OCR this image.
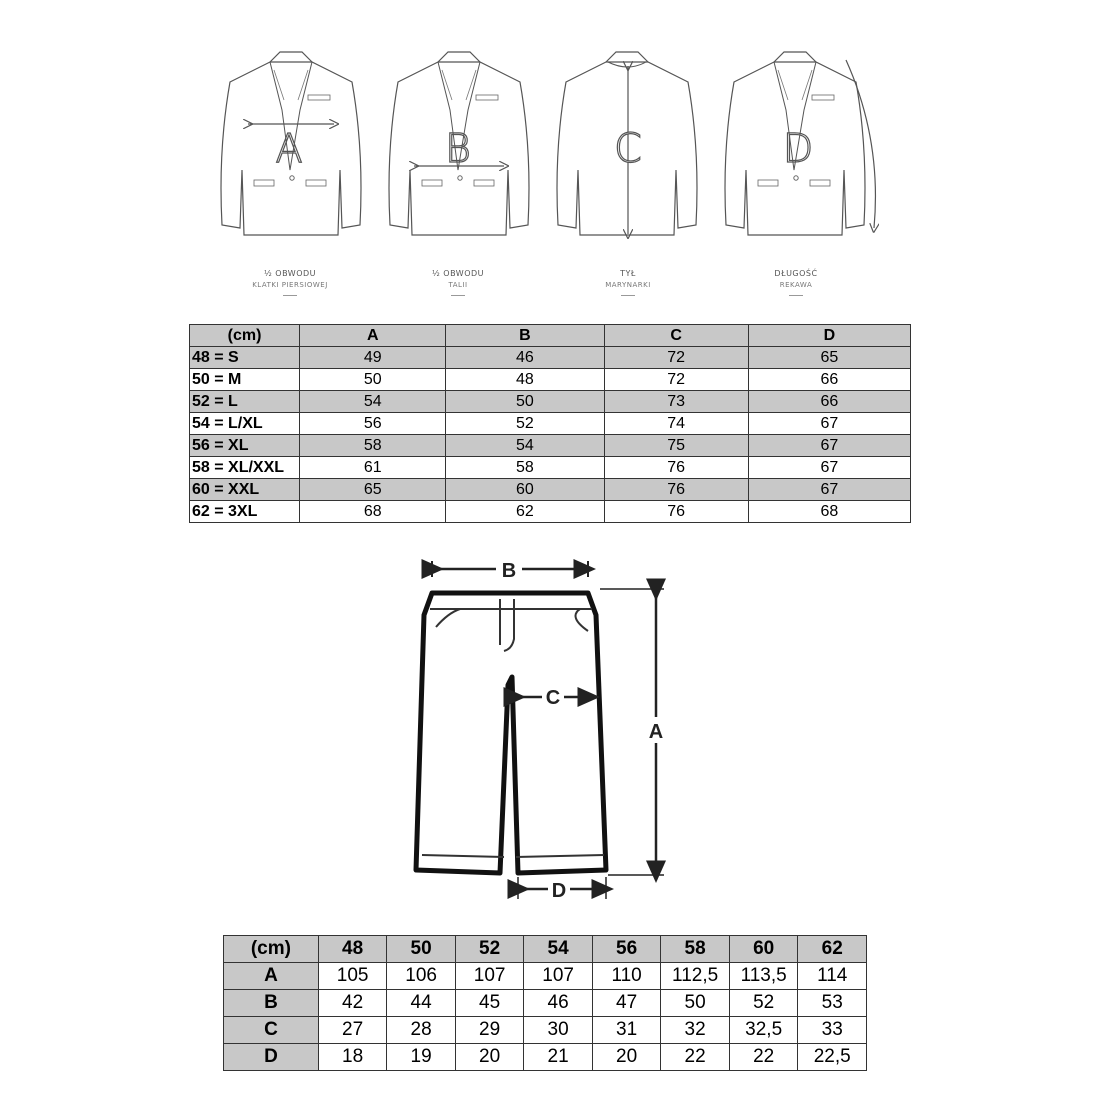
A	B	C	D
½ OBWODU
KLATKI PIERSIOWEJ
½ OBWODU
TALII
TYŁ
MARYNARKI
DŁUGOŚĆ
REKAWA
(cm)	A	B	C	D
48 = S	49	46	72	65
50 = M	50	48	72	66
52 = L	54	50	73	66
54 = L/XL	56	52	74	67
56 = XL	58	54	75	67
58 = XL/XXL	61	58	76	67
60 = XXL	65	60	76	67
62 = 3XL	68	62	76	68
B
A
C
D
(cm)	48	50	52	54	56	58	60	62
A	105	106	107	107	110	112,5	113,5	114
B	42	44	45	46	47	50	52	53
C	27	28	29	30	31	32	32,5	33
D	18	19	20	21	20	22	22	22,5
